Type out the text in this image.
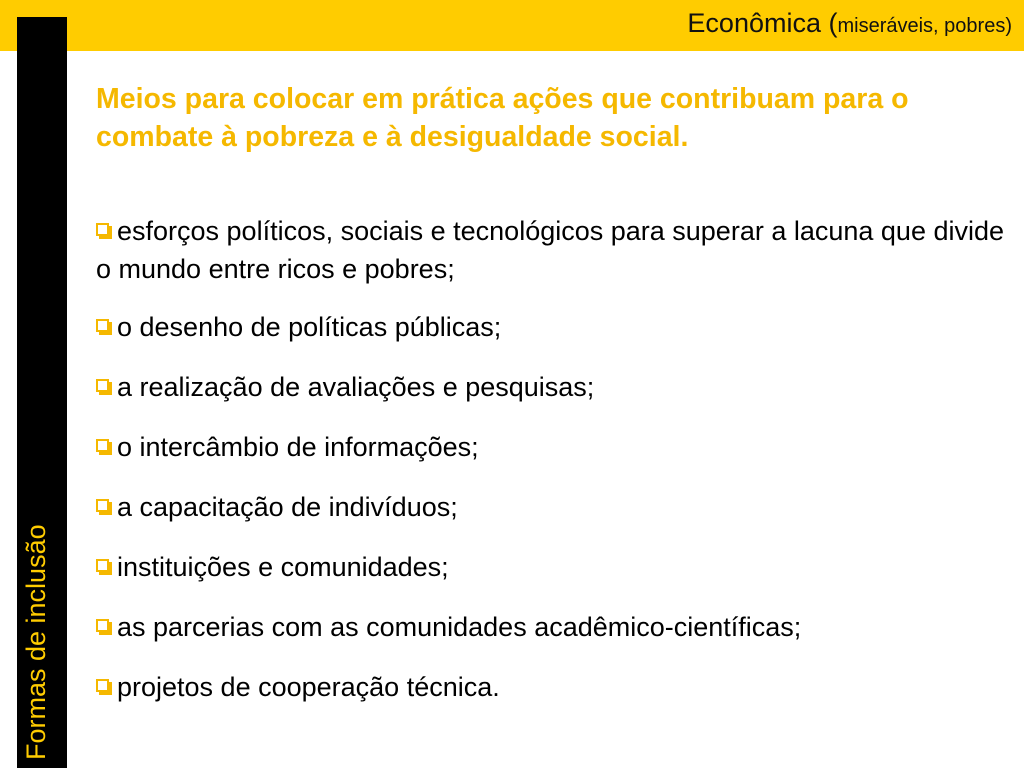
Econômica (miseráveis, pobres)
Formas de inclusão
Meios para colocar em prática ações que contribuam para o combate à pobreza e à desigualdade social.
esforços políticos, sociais e tecnológicos para superar a lacuna que divide o mundo entre ricos e pobres;
o desenho de políticas públicas;
a realização de avaliações e pesquisas;
o intercâmbio de informações;
a capacitação de indivíduos;
instituições e comunidades;
as parcerias com as comunidades acadêmico-científicas;
projetos de cooperação técnica.
